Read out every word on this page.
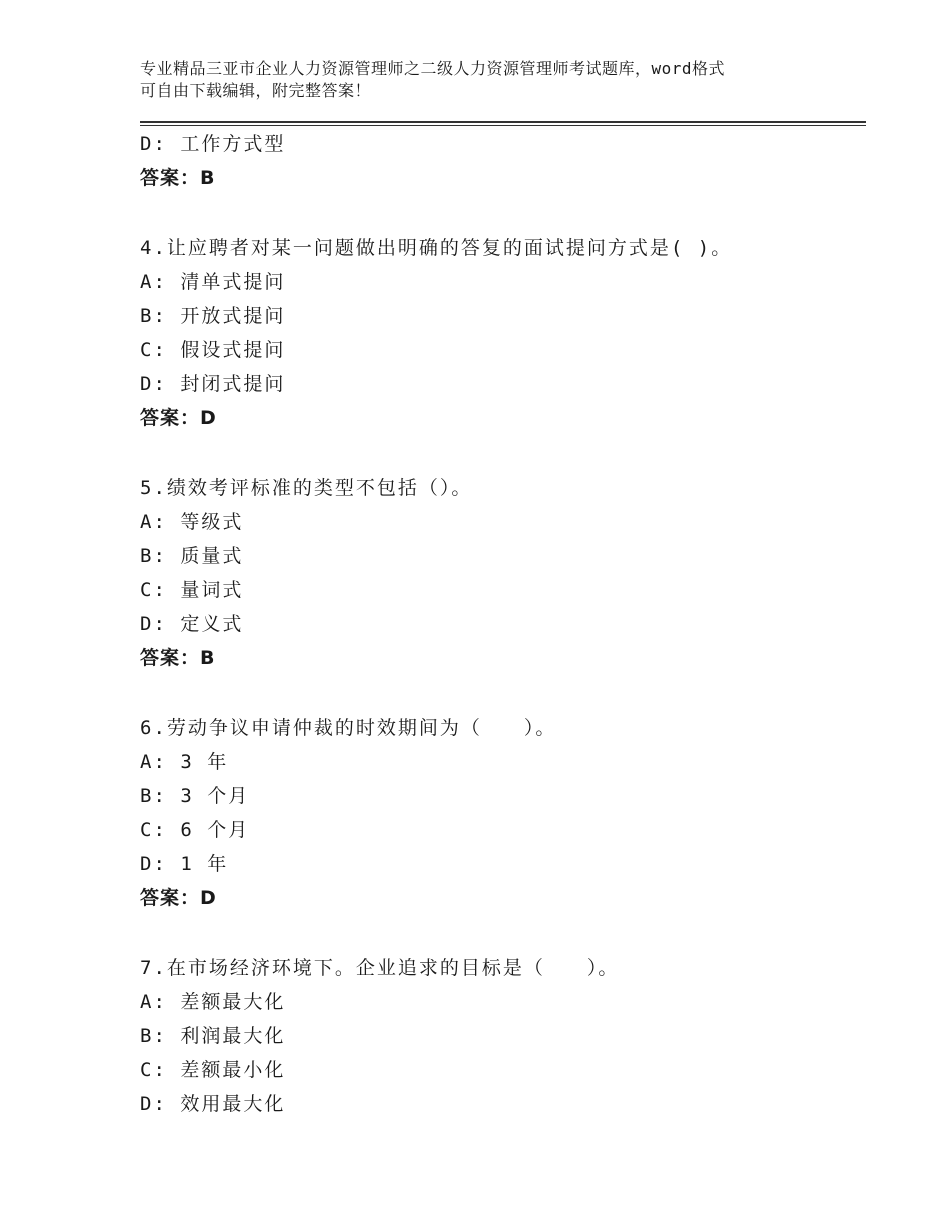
专业精品三亚市企业人力资源管理师之二级人力资源管理师考试题库，word格式
可自由下载编辑，附完整答案！
D: 工作方式型
答案：B
4.让应聘者对某一问题做出明确的答复的面试提问方式是( )。
A: 清单式提问
B: 开放式提问
C: 假设式提问
D: 封闭式提问
答案：D
5.绩效考评标准的类型不包括（）。
A: 等级式
B: 质量式
C: 量词式
D: 定义式
答案：B
6.劳动争议申请仲裁的时效期间为（　　）。
A: 3 年
B: 3 个月
C: 6 个月
D: 1 年
答案：D
7.在市场经济环境下。企业追求的目标是（　　）。
A: 差额最大化
B: 利润最大化
C: 差额最小化
D: 效用最大化
